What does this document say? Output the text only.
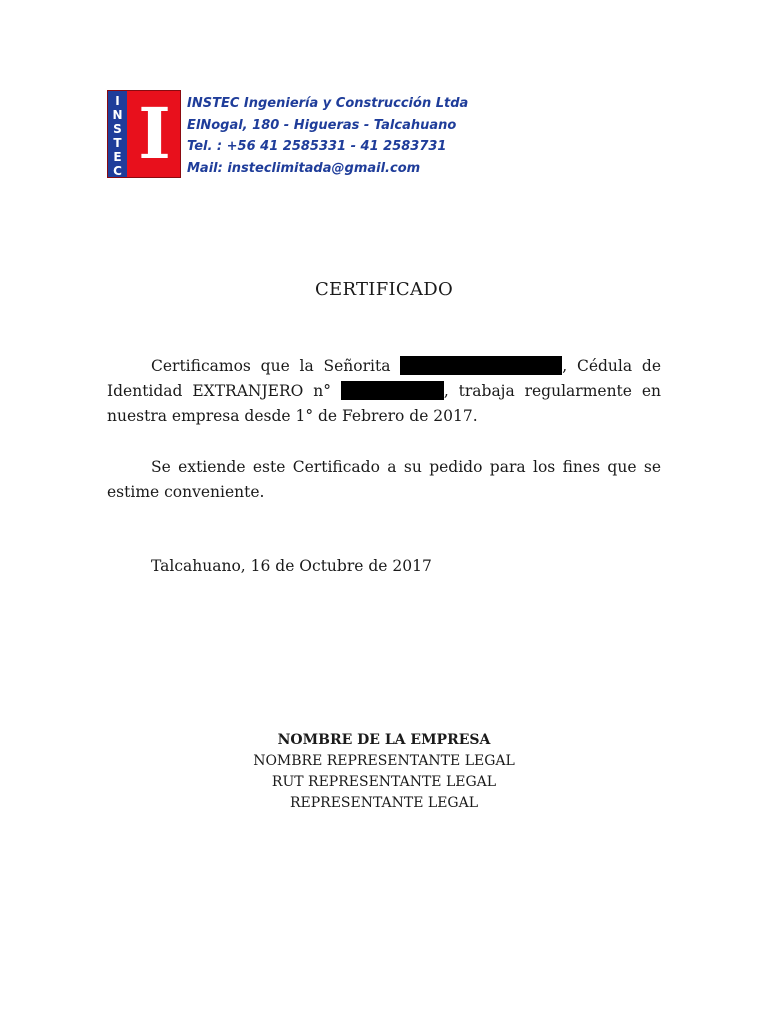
I
N
S
T
E
C I	INSTEC Ingeniería y Construcción Ltda
ElNogal, 180 - Higueras - Talcahuano
Tel. : +56 41 2585331 - 41 2583731
Mail: insteclimitada@gmail.com
CERTIFICADO
Certificamos que la Señorita	, Cédula de Identidad EXTRANJERO n°	, trabaja regularmente en nuestra empresa desde 1° de Febrero de 2017.
Se extiende este Certificado a su pedido para los fines que se estime conveniente.
Talcahuano, 16 de Octubre de 2017
NOMBRE DE LA EMPRESA
NOMBRE REPRESENTANTE LEGAL
RUT REPRESENTANTE LEGAL
REPRESENTANTE LEGAL
